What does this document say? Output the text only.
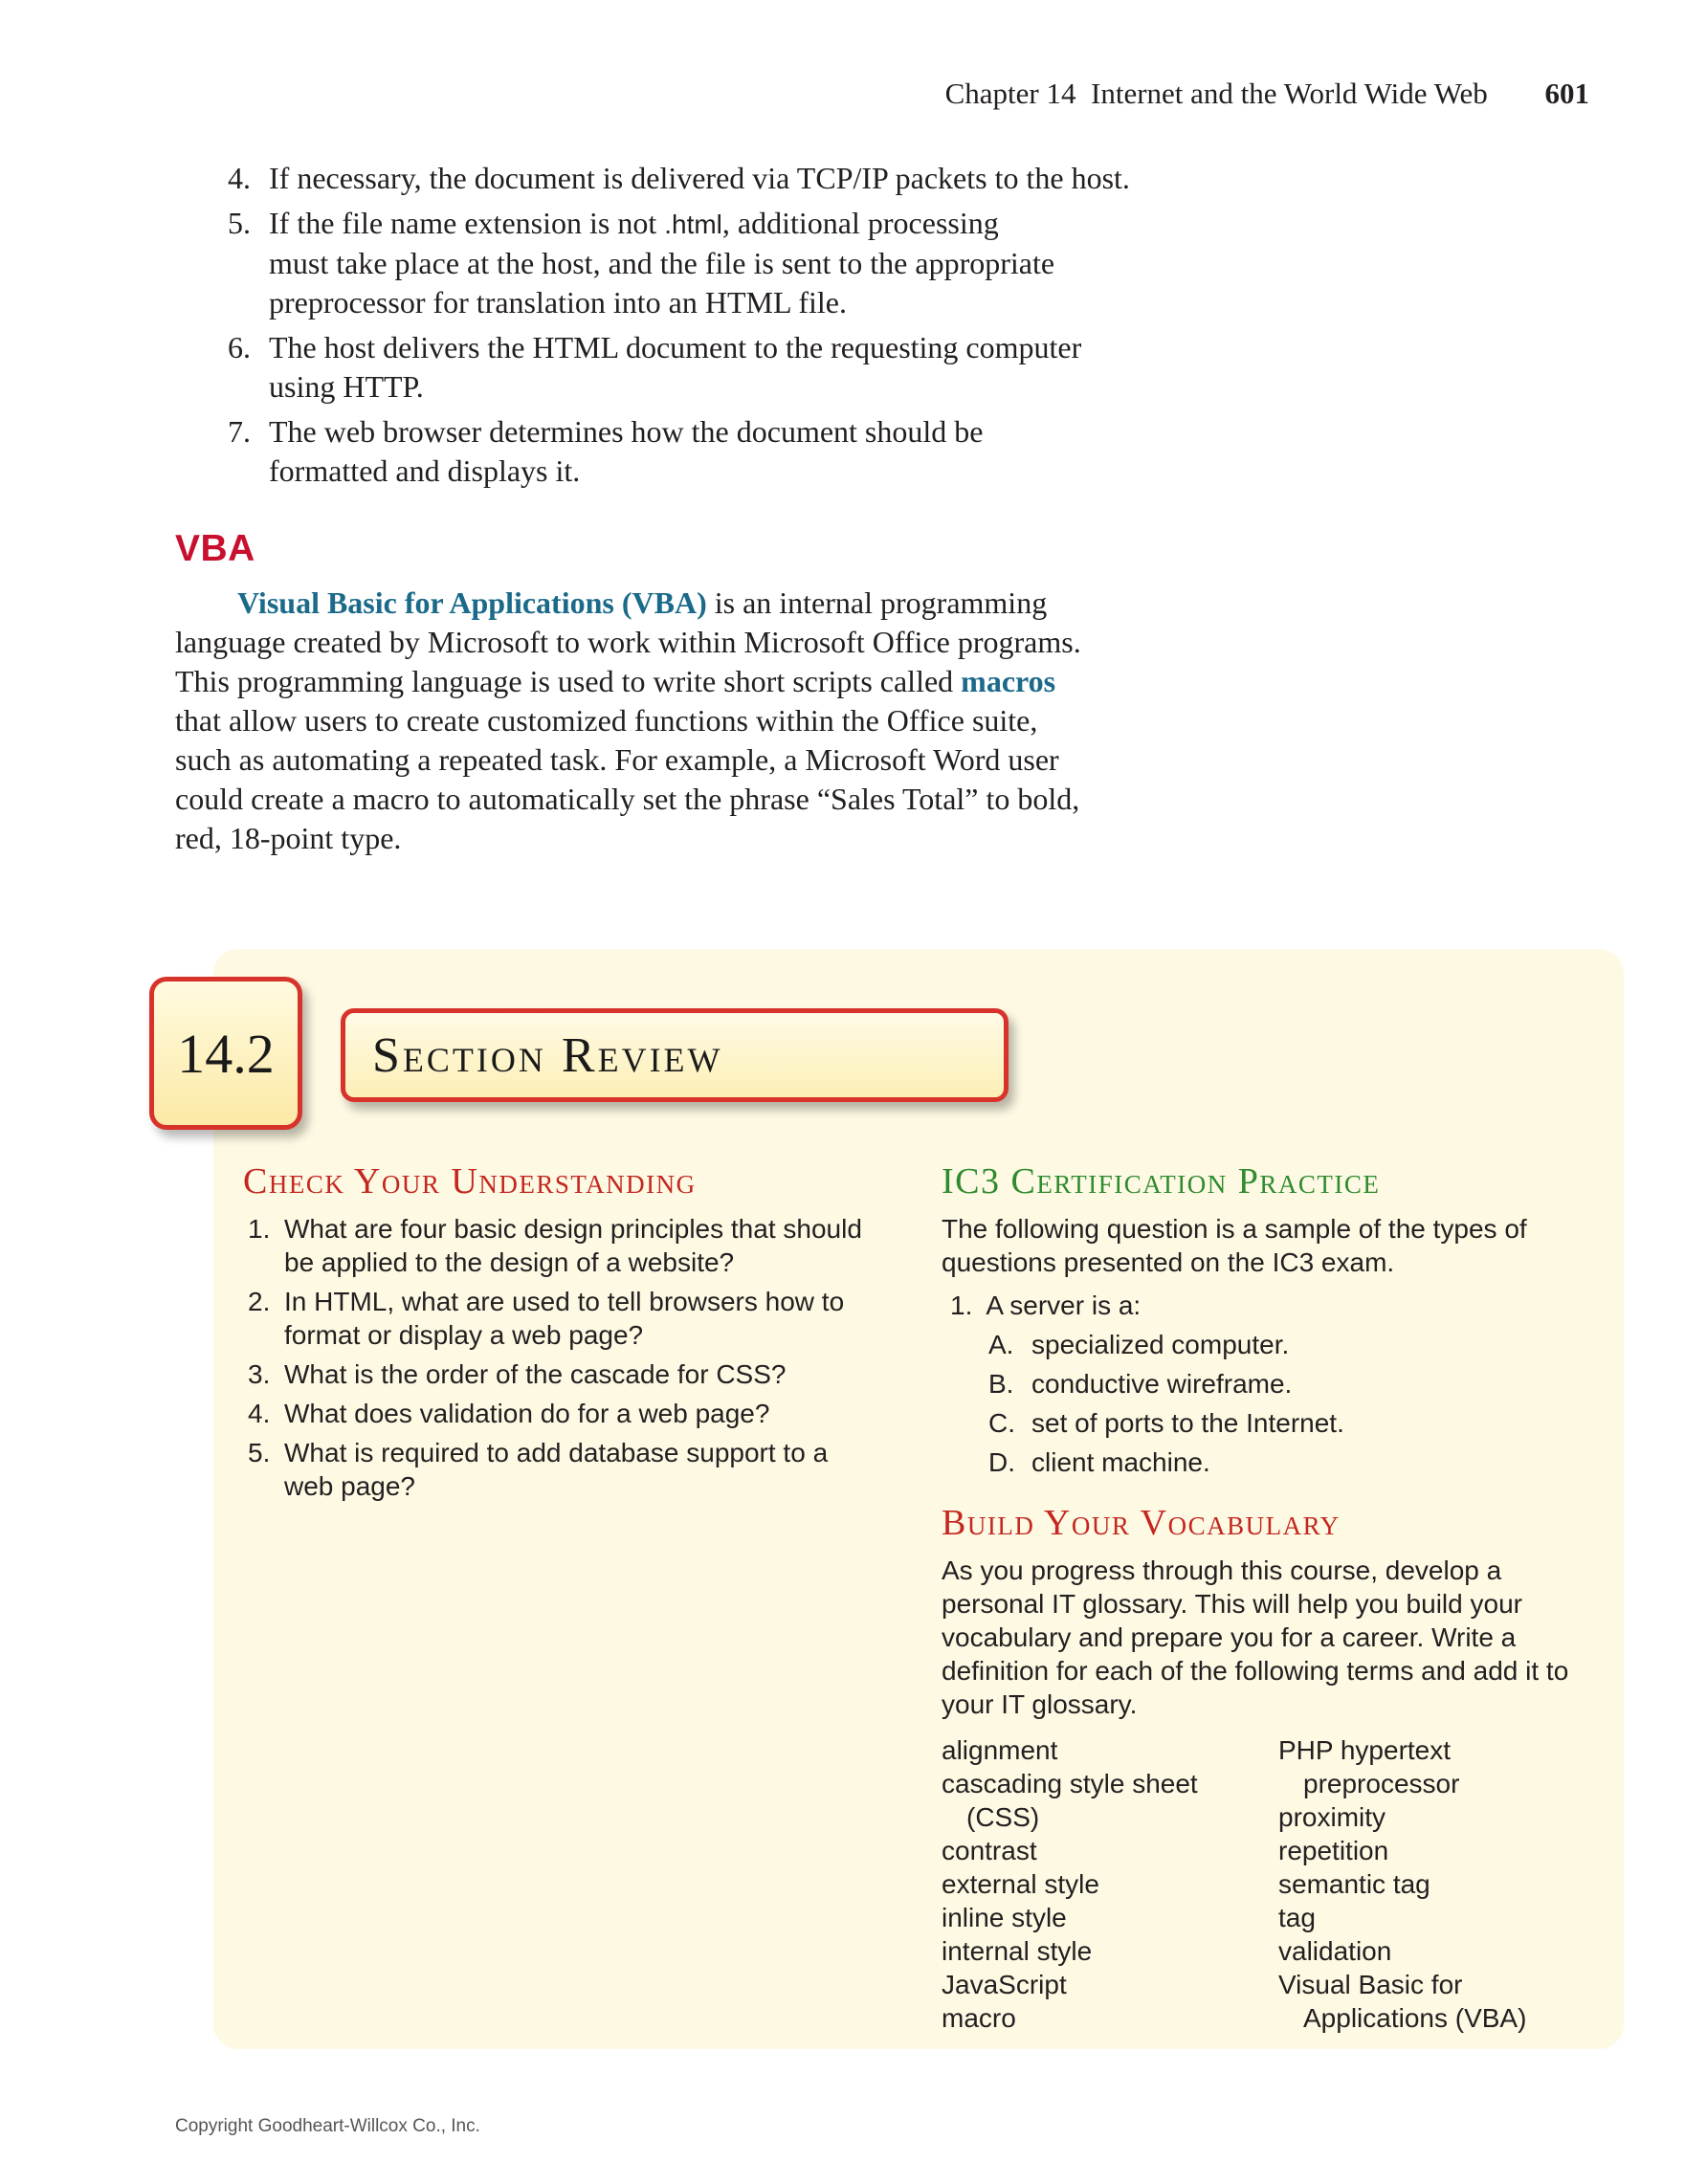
Chapter 14  Internet and the World Wide Web 601
4. If necessary, the document is delivered via TCP/IP packets to the host.
5. If the file name extension is not .html, additional processing
must take place at the host, and the file is sent to the appropriate
preprocessor for translation into an HTML file.
6. The host delivers the HTML document to the requesting computer
using HTTP.
7. The web browser determines how the document should be
formatted and displays it.
VBA
Visual Basic for Applications (VBA) is an internal programming
language created by Microsoft to work within Microsoft Office programs.
This programming language is used to write short scripts called macros
that allow users to create customized functions within the Office suite,
such as automating a repeated task. For example, a Microsoft Word user
could create a macro to automatically set the phrase “Sales Total” to bold,
red, 18-point type.
14.2	Section Review
Check Your Understanding
1. What are four basic design principles that should
be applied to the design of a website?
2. In HTML, what are used to tell browsers how to
format or display a web page?
3. What is the order of the cascade for CSS?
4. What does validation do for a web page?
5. What is required to add database support to a
web page?
IC3 Certification Practice
The following question is a sample of the types of
questions presented on the IC3 exam.
1.  A server is a:
A. specialized computer.
B. conductive wireframe.
C. set of ports to the Internet.
D. client machine.
Build Your Vocabulary
As you progress through this course, develop a
personal IT glossary. This will help you build your
vocabulary and prepare you for a career. Write a
definition for each of the following terms and add it to
your IT glossary.
alignment
cascading style sheet
(CSS)
contrast
external style
inline style
internal style
JavaScript
macro
PHP hypertext
preprocessor
proximity
repetition
semantic tag
tag
validation
Visual Basic for
Applications (VBA)
Copyright Goodheart-Willcox Co., Inc.
